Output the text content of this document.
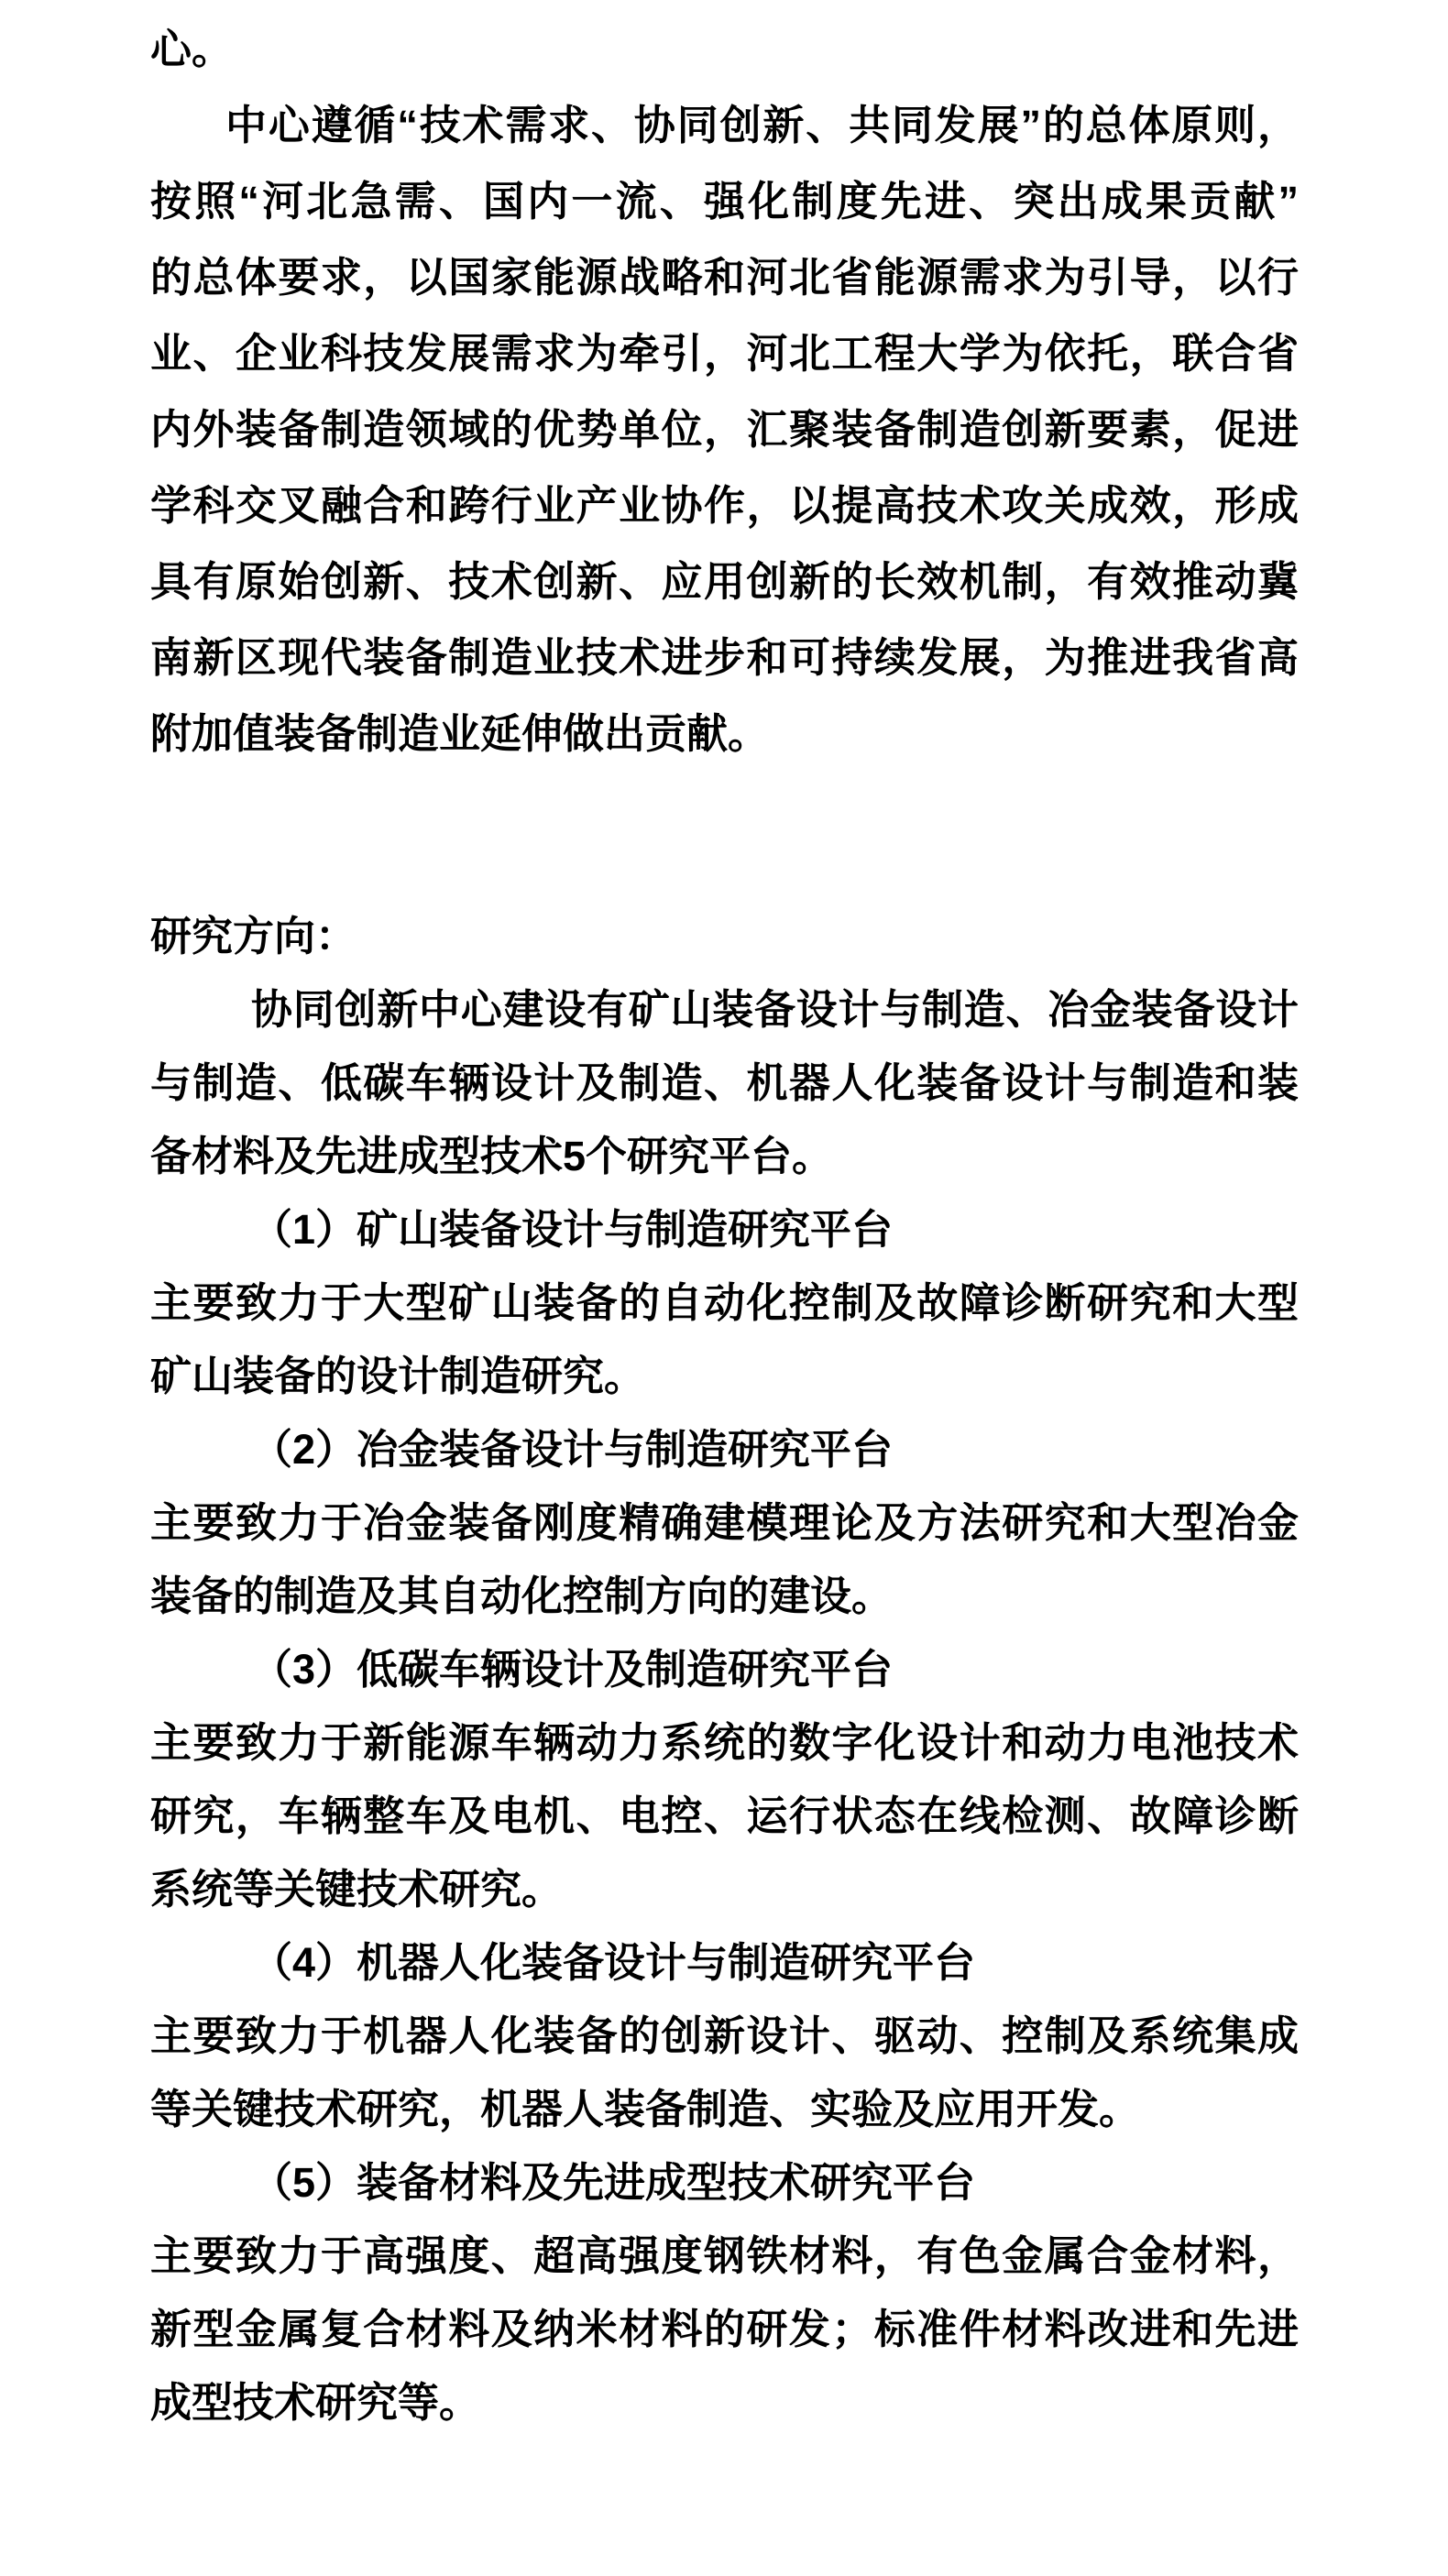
心。
中心遵循“技术需求、协同创新、共同发展”的总体原则，
按照“河北急需、国内一流、强化制度先进、突出成果贡献”
的总体要求，以国家能源战略和河北省能源需求为引导，以行
业、企业科技发展需求为牵引，河北工程大学为依托，联合省
内外装备制造领域的优势单位，汇聚装备制造创新要素，促进
学科交叉融合和跨行业产业协作，以提高技术攻关成效，形成
具有原始创新、技术创新、应用创新的长效机制，有效推动冀
南新区现代装备制造业技术进步和可持续发展，为推进我省高
附加值装备制造业延伸做出贡献。
研究方向：
协同创新中心建设有矿山装备设计与制造、冶金装备设计
与制造、低碳车辆设计及制造、机器人化装备设计与制造和装
备材料及先进成型技术5个研究平台。
（1）矿山装备设计与制造研究平台
主要致力于大型矿山装备的自动化控制及故障诊断研究和大型
矿山装备的设计制造研究。
（2）冶金装备设计与制造研究平台
主要致力于冶金装备刚度精确建模理论及方法研究和大型冶金
装备的制造及其自动化控制方向的建设。
（3）低碳车辆设计及制造研究平台
主要致力于新能源车辆动力系统的数字化设计和动力电池技术
研究，车辆整车及电机、电控、运行状态在线检测、故障诊断
系统等关键技术研究。
（4）机器人化装备设计与制造研究平台
主要致力于机器人化装备的创新设计、驱动、控制及系统集成
等关键技术研究，机器人装备制造、实验及应用开发。
（5）装备材料及先进成型技术研究平台
主要致力于高强度、超高强度钢铁材料，有色金属合金材料，
新型金属复合材料及纳米材料的研发；标准件材料改进和先进
成型技术研究等。
